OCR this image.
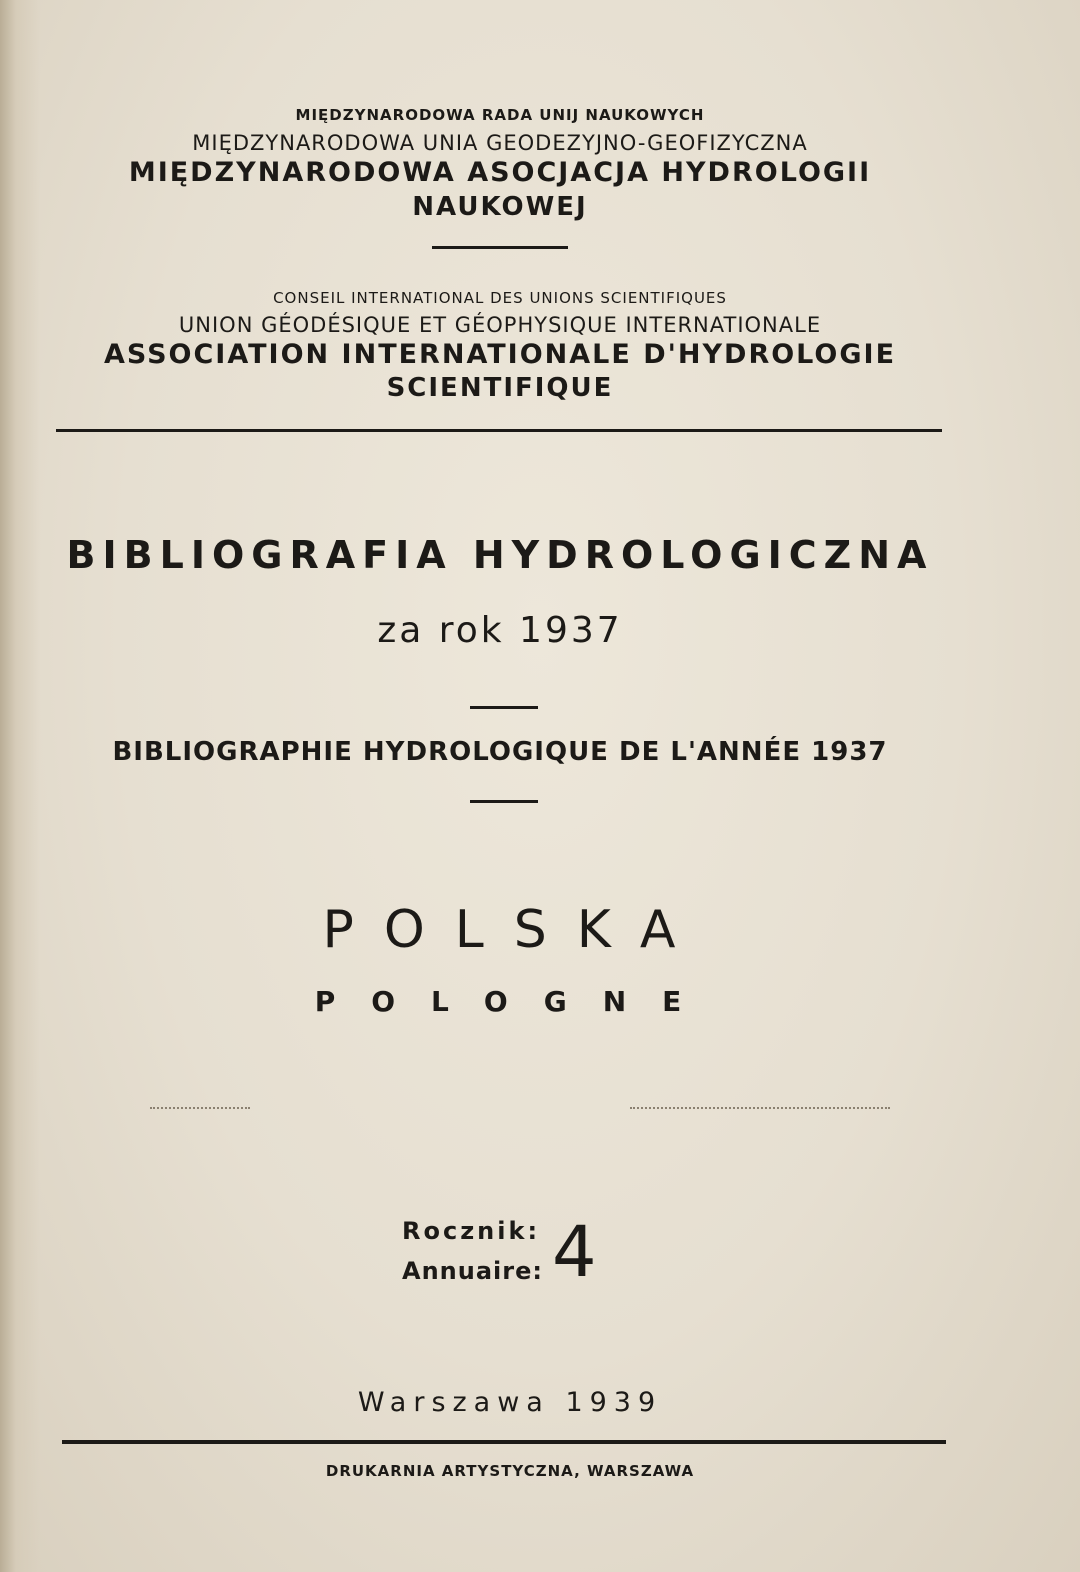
MIĘDZYNARODOWA RADA UNIJ NAUKOWYCH
MIĘDZYNARODOWA UNIA GEODEZYJNO-GEOFIZYCZNA
MIĘDZYNARODOWA ASOCJACJA HYDROLOGII
NAUKOWEJ
CONSEIL INTERNATIONAL DES UNIONS SCIENTIFIQUES
UNION GÉODÉSIQUE ET GÉOPHYSIQUE INTERNATIONALE
ASSOCIATION INTERNATIONALE D'HYDROLOGIE
SCIENTIFIQUE
BIBLIOGRAFIA HYDROLOGICZNA
za rok 1937
BIBLIOGRAPHIE HYDROLOGIQUE DE L'ANNÉE 1937
POLSKA
POLOGNE
Rocznik:
Annuaire: 4
Warszawa 1939
DRUKARNIA ARTYSTYCZNA, WARSZAWA
